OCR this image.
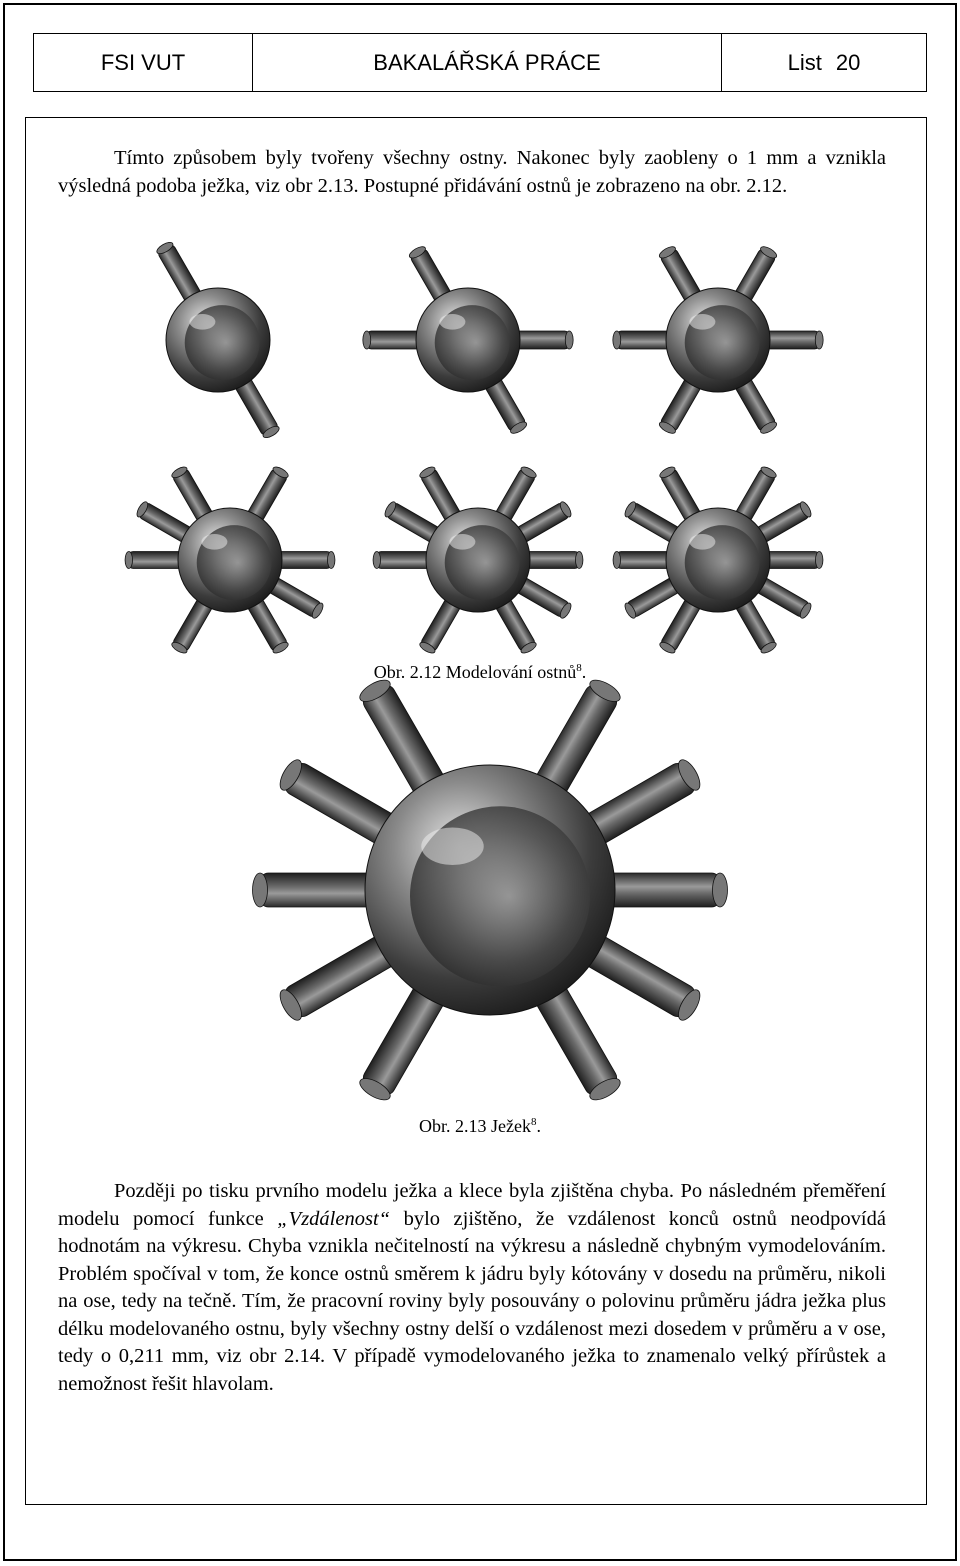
FSI VUT	BAKALÁŘSKÁ PRÁCE	List 20
Tímto způsobem byly tvořeny všechny ostny. Nakonec byly zaobleny o 1 mm a vznikla výsledná podoba ježka, viz obr 2.13. Postupné přidávání ostnů je zobrazeno na obr. 2.12.
Obr. 2.12 Modelování ostnů$^8$.
Obr. 2.13 Ježek$^8$.
Později po tisku prvního modelu ježka a klece byla zjištěna chyba. Po následném přeměření modelu pomocí funkce „Vzdálenost“ bylo zjištěno, že vzdálenost konců ostnů neodpovídá hodnotám na výkresu. Chyba vznikla nečitelností na výkresu a následně chybným vymodelováním. Problém spočíval v tom, že konce ostnů směrem k jádru byly kótovány v dosedu na průměru, nikoli na ose, tedy na tečně. Tím, že pracovní roviny byly posouvány o polovinu průměru jádra ježka plus délku modelovaného ostnu, byly všechny ostny delší o vzdálenost mezi dosedem v průměru a v ose, tedy o 0,211 mm, viz obr 2.14. V případě vymodelovaného ježka to znamenalo velký přírůstek a nemožnost řešit hlavolam.
